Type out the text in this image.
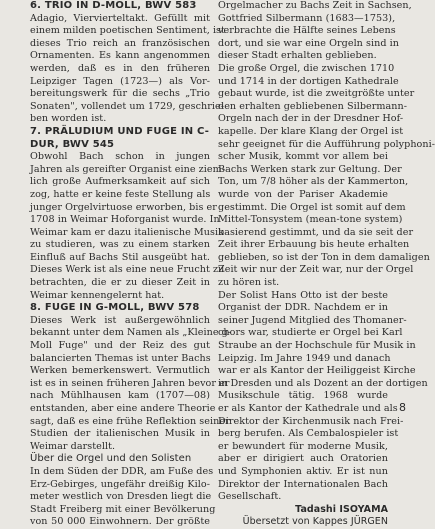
6. TRIO IN D-MOLL, BWV 583
Adagio, Viervierteltakt. Gefüllt mit
einem milden poetischen Sentiment, ist
dieses Trio reich an französischen
Ornamenten. Es kann angenommen
werden, daß es in den früheren
Leipziger Tagen (1723—) als Vor-
bereitungswerk für die sechs „Trio
Sonaten", vollendet um 1729, geschrie-
ben worden ist.
7. PRÄLUDIUM UND FUGE IN C-
DUR, BWV 545
Obwohl Bach schon in jungen
Jahren als gereifter Organist eine ziem-
lich große Aufmerksamkeit auf sich
zog, hatte er keine feste Stellung als
junger Orgelvirtuose erworben, bis er
1708 in Weimar Hoforganist wurde. In
Weimar kam er dazu italienische Musik
zu studieren, was zu einem starken
Einfluß auf Bachs Stil ausgeübt hat.
Dieses Werk ist als eine neue Frucht zu
betrachten, die er zu dieser Zeit in
Weimar kennengelernt hat.
8. FUGE IN G-MOLL, BWV 578
Dieses Werk ist außergewöhnlich
bekannt unter dem Namen als „Kleine g-
Moll Fuge" und der Reiz des gut
balancierten Themas ist unter Bachs
Werken bemerkenswert. Vermutlich
ist es in seinen früheren Jahren bevor er
nach Mühlhausen kam (1707—08)
entstanden, aber eine andere Theorie
sagt, daß es eine frühe Reflektion seiner
Studien der italienischen Musik in
Weimar darstellt.
Über die Orgel und den Solisten
In dem Süden der DDR, am Fuße des
Erz-Gebirges, ungefähr dreißig Kilo-
meter westlich von Dresden liegt die
Stadt Freiberg mit einer Bevölkerung
von 50 000 Einwohnern. Der größte
Orgelmacher zu Bachs Zeit in Sachsen,
Gottfried Silbermann (1683—1753),
verbrachte die Hälfte seines Lebens
dort, und sie war eine Orgeln sind in
dieser Stadt erhalten geblieben.
Die große Orgel, die zwischen 1710
und 1714 in der dortigen Kathedrale
gebaut wurde, ist die zweitgrößte unter
den erhalten gebliebenen Silbermann-
Orgeln nach der in der Dresdner Hof-
kapelle. Der klare Klang der Orgel ist
sehr geeignet für die Aufführung polyphoni-
scher Musik, kommt vor allem bei
Bachs Werken stark zur Geltung. Der
Ton, um 7/8 höher als der Kammerton,
wurde von der Pariser Akademie
gestimmt. Die Orgel ist somit auf dem
Mittel-Tonsystem (mean-tone system)
basierend gestimmt, und da sie seit der
Zeit ihrer Erbauung bis heute erhalten
geblieben, so ist der Ton in dem damaligen
Zeit wir nur der Zeit war, nur der Orgel
zu hören ist.
Der Solist Hans Otto ist der beste
Organist der DDR. Nachdem er in
seiner Jugend Mitglied des Thomaner-
chors war, studierte er Orgel bei Karl
Straube an der Hochschule für Musik in
Leipzig. Im Jahre 1949 und danach
war er als Kantor der Heiliggeist Kirche
in Dresden und als Dozent an der dortigen
Musikschule tätig. 1968 wurde
er als Kantor der Kathedrale und als
Direktor der Kirchenmusik nach Frei-
berg berufen. Als Cembalospieler ist
er bewundert für moderne Musik,
aber er dirigiert auch Oratorien
und Symphonien aktiv. Er ist nun
Direktor der Internationalen Bach
Gesellschaft.
Tadashi ISOYAMA
Übersetzt von Kappes JÜRGEN
8
